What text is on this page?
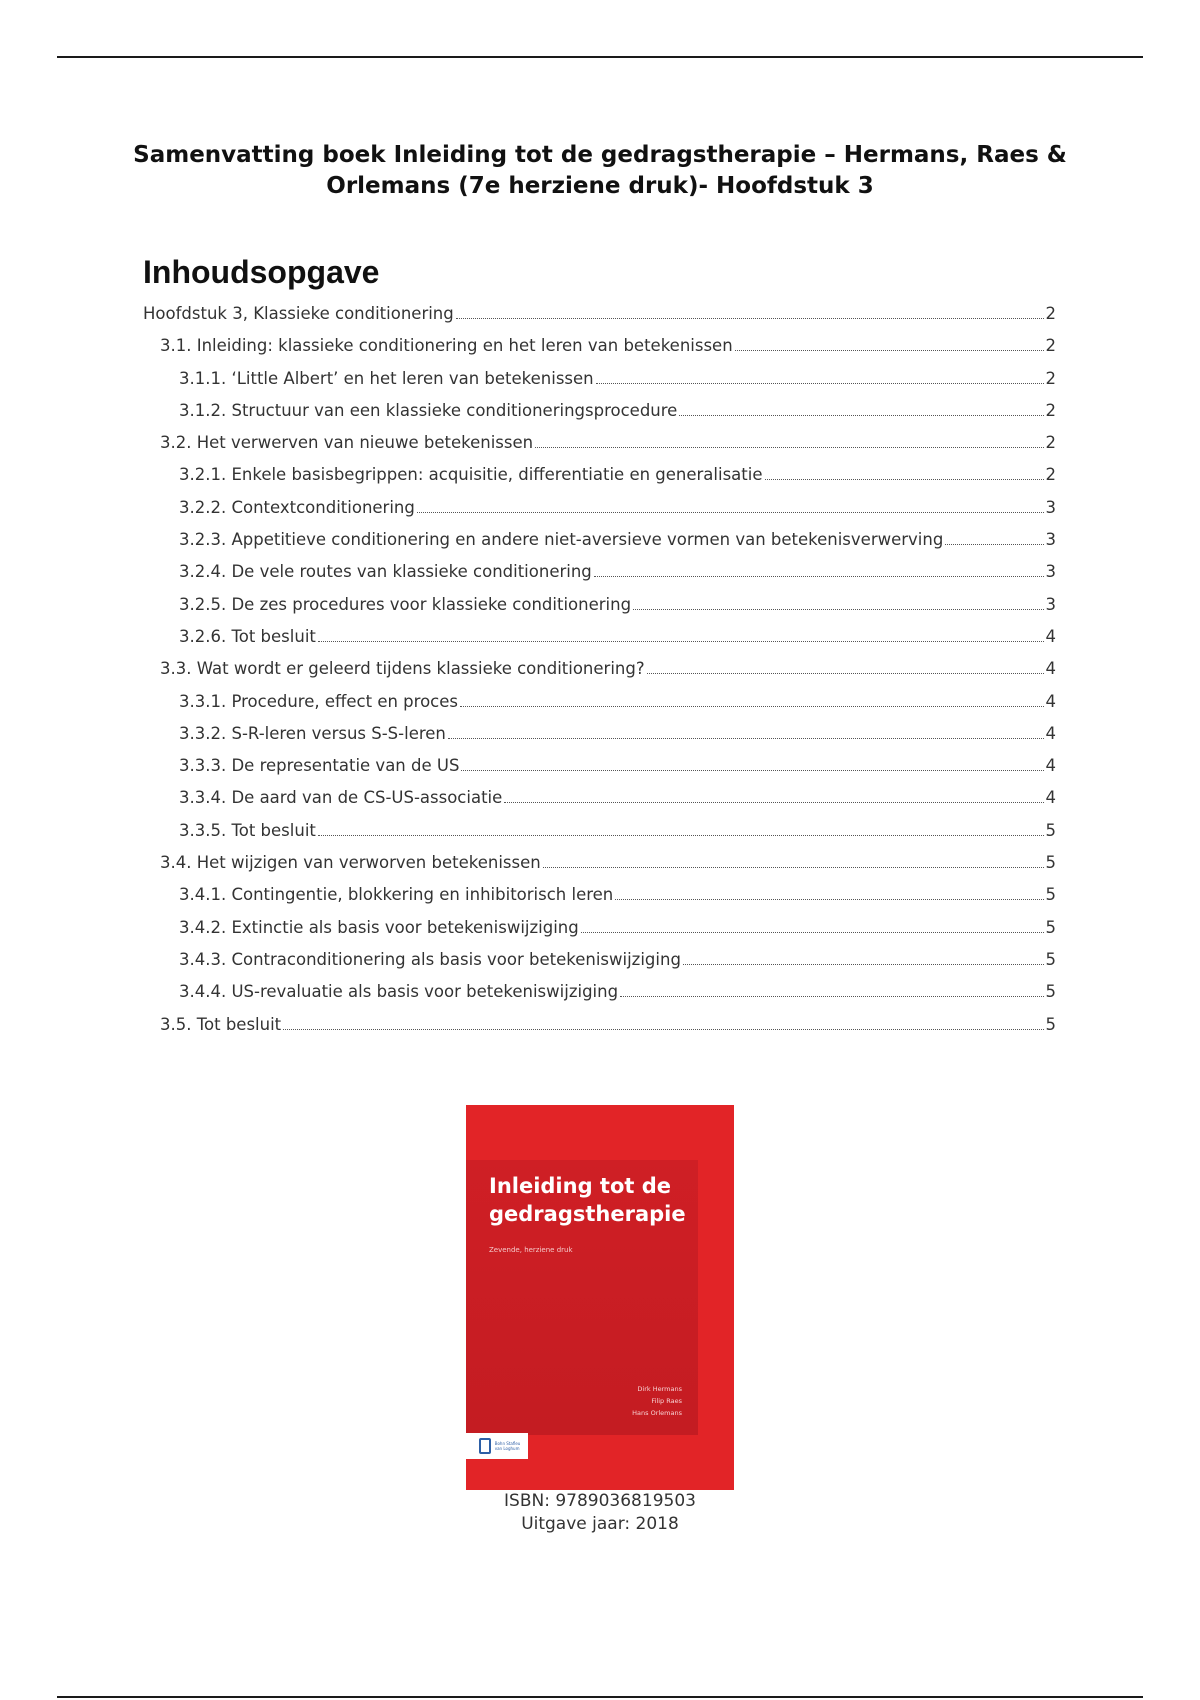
Samenvatting boek Inleiding tot de gedragstherapie – Hermans, Raes &
Orlemans (7e herziene druk)- Hoofdstuk 3
Inhoudsopgave
Hoofdstuk 3, Klassieke conditionering	2
3.1. Inleiding: klassieke conditionering en het leren van betekenissen	2
3.1.1. ‘Little Albert’ en het leren van betekenissen	2
3.1.2. Structuur van een klassieke conditioneringsprocedure	2
3.2. Het verwerven van nieuwe betekenissen	2
3.2.1. Enkele basisbegrippen: acquisitie, differentiatie en generalisatie	2
3.2.2. Contextconditionering	3
3.2.3. Appetitieve conditionering en andere niet-aversieve vormen van betekenisverwerving	3
3.2.4. De vele routes van klassieke conditionering	3
3.2.5. De zes procedures voor klassieke conditionering	3
3.2.6. Tot besluit	4
3.3. Wat wordt er geleerd tijdens klassieke conditionering?	4
3.3.1. Procedure, effect en proces	4
3.3.2. S-R-leren versus S-S-leren	4
3.3.3. De representatie van de US	4
3.3.4. De aard van de CS-US-associatie	4
3.3.5. Tot besluit	5
3.4. Het wijzigen van verworven betekenissen	5
3.4.1. Contingentie, blokkering en inhibitorisch leren	5
3.4.2. Extinctie als basis voor betekeniswijziging	5
3.4.3. Contraconditionering als basis voor betekeniswijziging	5
3.4.4. US-revaluatie als basis voor betekeniswijziging	5
3.5. Tot besluit	5
Inleiding tot de
gedragstherapie
Zevende, herziene druk
Dirk Hermans
Filip Raes
Hans Orlemans
Bohn Stafleu van Loghum
ISBN: 9789036819503
Uitgave jaar: 2018
